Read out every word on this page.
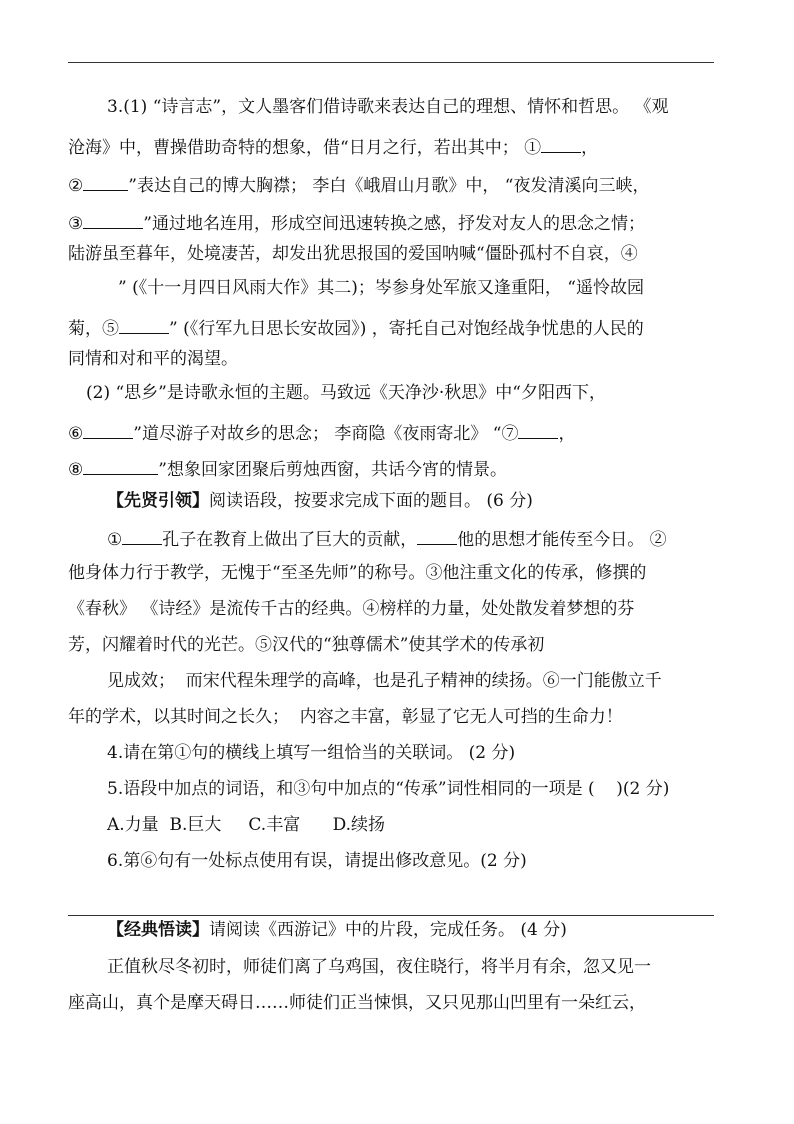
3.(1) “诗言志”，文人墨客们借诗歌来表达自己的理想、情怀和哲思。 《观
沧海》中，曹操借助奇特的想象，借“日月之行，若出其中； ① ，
②	”表达自己的博大胸襟； 李白《峨眉山月歌》中， “夜发清溪向三峡，
③	”通过地名连用，形成空间迅速转换之感，抒发对友人的思念之情；
陆游虽至暮年，处境凄苦，却发出犹思报国的爱国呐喊“僵卧孤村不自哀，④
” (《十一月四日风雨大作》其二)；岑参身处军旅又逢重阳， “遥怜故园
菊，⑤	” (《行军九日思长安故园》) ，寄托自己对饱经战争忧患的人民的
同情和对和平的渴望。
(2) “思乡”是诗歌永恒的主题。马致远《天净沙·秋思》中“夕阳西下，
⑥	”道尽游子对故乡的思念； 李商隐《夜雨寄北》 “⑦ ，
⑧	”想象回家团聚后剪烛西窗，共话今宵的情景。
【先贤引领】阅读语段，按要求完成下面的题目。 (6 分)
① 孔子在教育上做出了巨大的贡献， 他的思想才能传至今日。 ②
他身体力行于教学，无愧于“至圣先师”的称号。③他注重文化的传承，修撰的
《春秋》 《诗经》是流传千古的经典。④榜样的力量，处处散发着梦想的芬
芳，闪耀着时代的光芒。⑤汉代的“独尊儒术”使其学术的传承初
见成效；  而宋代程朱理学的高峰，也是孔子精神的续扬。⑥一门能傲立千
年的学术，以其时间之长久；  内容之丰富，彰显了它无人可挡的生命力！
4.请在第①句的横线上填写一组恰当的关联词。 (2 分)
5.语段中加点的词语，和③句中加点的“传承”词性相同的一项是 (    )(2 分)
A.力量  B.巨大     C.丰富      D.续扬
6.第⑥句有一处标点使用有误，请提出修改意见。(2 分)
【经典悟读】请阅读《西游记》中的片段，完成任务。 (4 分)
正值秋尽冬初时，师徒们离了乌鸡国，夜住晓行，将半月有余，忽又见一
座高山，真个是摩天碍日……师徒们正当悚惧，又只见那山凹里有一朵红云，
